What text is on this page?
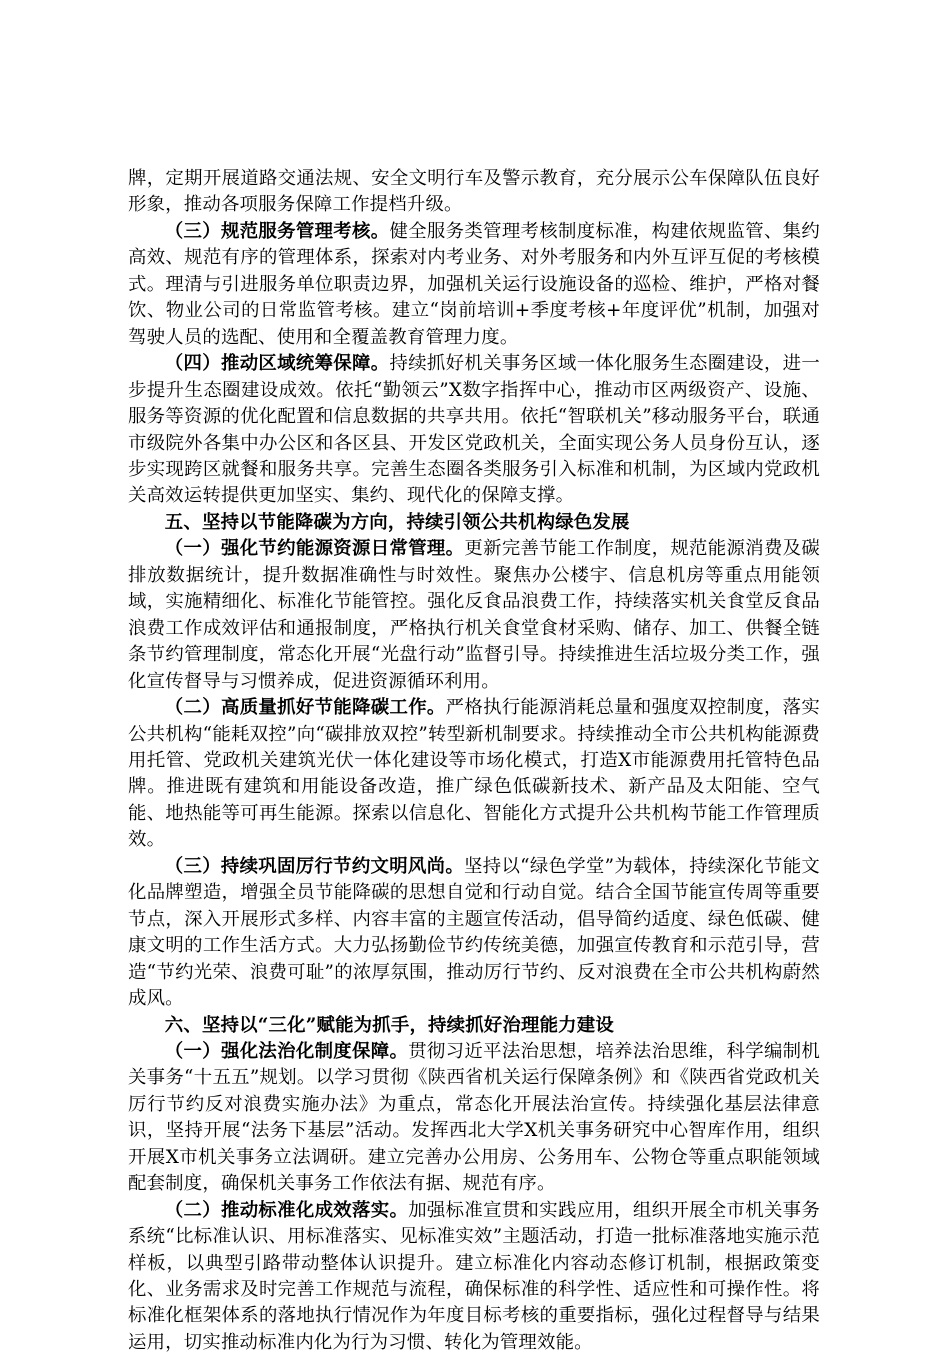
牌，定期开展道路交通法规、安全文明行车及警示教育，充分展示公车保障队伍良好形象，推动各项服务保障工作提档升级。

（三）规范服务管理考核。健全服务类管理考核制度标准，构建依规监管、集约高效、规范有序的管理体系，探索对内考业务、对外考服务和内外互评互促的考核模式。理清与引进服务单位职责边界，加强机关运行设施设备的巡检、维护，严格对餐饮、物业公司的日常监管考核。建立“岗前培训+季度考核+年度评优”机制，加强对驾驶人员的选配、使用和全覆盖教育管理力度。

（四）推动区域统筹保障。持续抓好机关事务区域一体化服务生态圈建设，进一步提升生态圈建设成效。依托“勤领云”X数字指挥中心，推动市区两级资产、设施、服务等资源的优化配置和信息数据的共享共用。依托“智联机关”移动服务平台，联通市级院外各集中办公区和各区县、开发区党政机关，全面实现公务人员身份互认，逐步实现跨区就餐和服务共享。完善生态圈各类服务引入标准和机制，为区域内党政机关高效运转提供更加坚实、集约、现代化的保障支撑。

五、坚持以节能降碳为方向，持续引领公共机构绿色发展

（一）强化节约能源资源日常管理。更新完善节能工作制度，规范能源消费及碳排放数据统计，提升数据准确性与时效性。聚焦办公楼宇、信息机房等重点用能领域，实施精细化、标准化节能管控。强化反食品浪费工作，持续落实机关食堂反食品浪费工作成效评估和通报制度，严格执行机关食堂食材采购、储存、加工、供餐全链条节约管理制度，常态化开展“光盘行动”监督引导。持续推进生活垃圾分类工作，强化宣传督导与习惯养成，促进资源循环利用。

（二）高质量抓好节能降碳工作。严格执行能源消耗总量和强度双控制度，落实公共机构“能耗双控”向“碳排放双控”转型新机制要求。持续推动全市公共机构能源费用托管、党政机关建筑光伏一体化建设等市场化模式，打造X市能源费用托管特色品牌。推进既有建筑和用能设备改造，推广绿色低碳新技术、新产品及太阳能、空气能、地热能等可再生能源。探索以信息化、智能化方式提升公共机构节能工作管理质效。

（三）持续巩固厉行节约文明风尚。坚持以“绿色学堂”为载体，持续深化节能文化品牌塑造，增强全员节能降碳的思想自觉和行动自觉。结合全国节能宣传周等重要节点，深入开展形式多样、内容丰富的主题宣传活动，倡导简约适度、绿色低碳、健康文明的工作生活方式。大力弘扬勤俭节约传统美德，加强宣传教育和示范引导，营造“节约光荣、浪费可耻”的浓厚氛围，推动厉行节约、反对浪费在全市公共机构蔚然成风。

六、坚持以“三化”赋能为抓手，持续抓好治理能力建设

（一）强化法治化制度保障。贯彻习近平法治思想，培养法治思维，科学编制机关事务“十五五”规划。以学习贯彻《陕西省机关运行保障条例》和《陕西省党政机关厉行节约反对浪费实施办法》为重点，常态化开展法治宣传。持续强化基层法律意识，坚持开展“法务下基层”活动。发挥西北大学X机关事务研究中心智库作用，组织开展X市机关事务立法调研。建立完善办公用房、公务用车、公物仓等重点职能领域配套制度，确保机关事务工作依法有据、规范有序。

（二）推动标准化成效落实。加强标准宣贯和实践应用，组织开展全市机关事务系统“比标准认识、用标准落实、见标准实效”主题活动，打造一批标准落地实施示范样板，以典型引路带动整体认识提升。建立标准化内容动态修订机制，根据政策变化、业务需求及时完善工作规范与流程，确保标准的科学性、适应性和可操作性。将标准化框架体系的落地执行情况作为年度目标考核的重要指标，强化过程督导与结果运用，切实推动标准内化为行为习惯、转化为管理效能。
